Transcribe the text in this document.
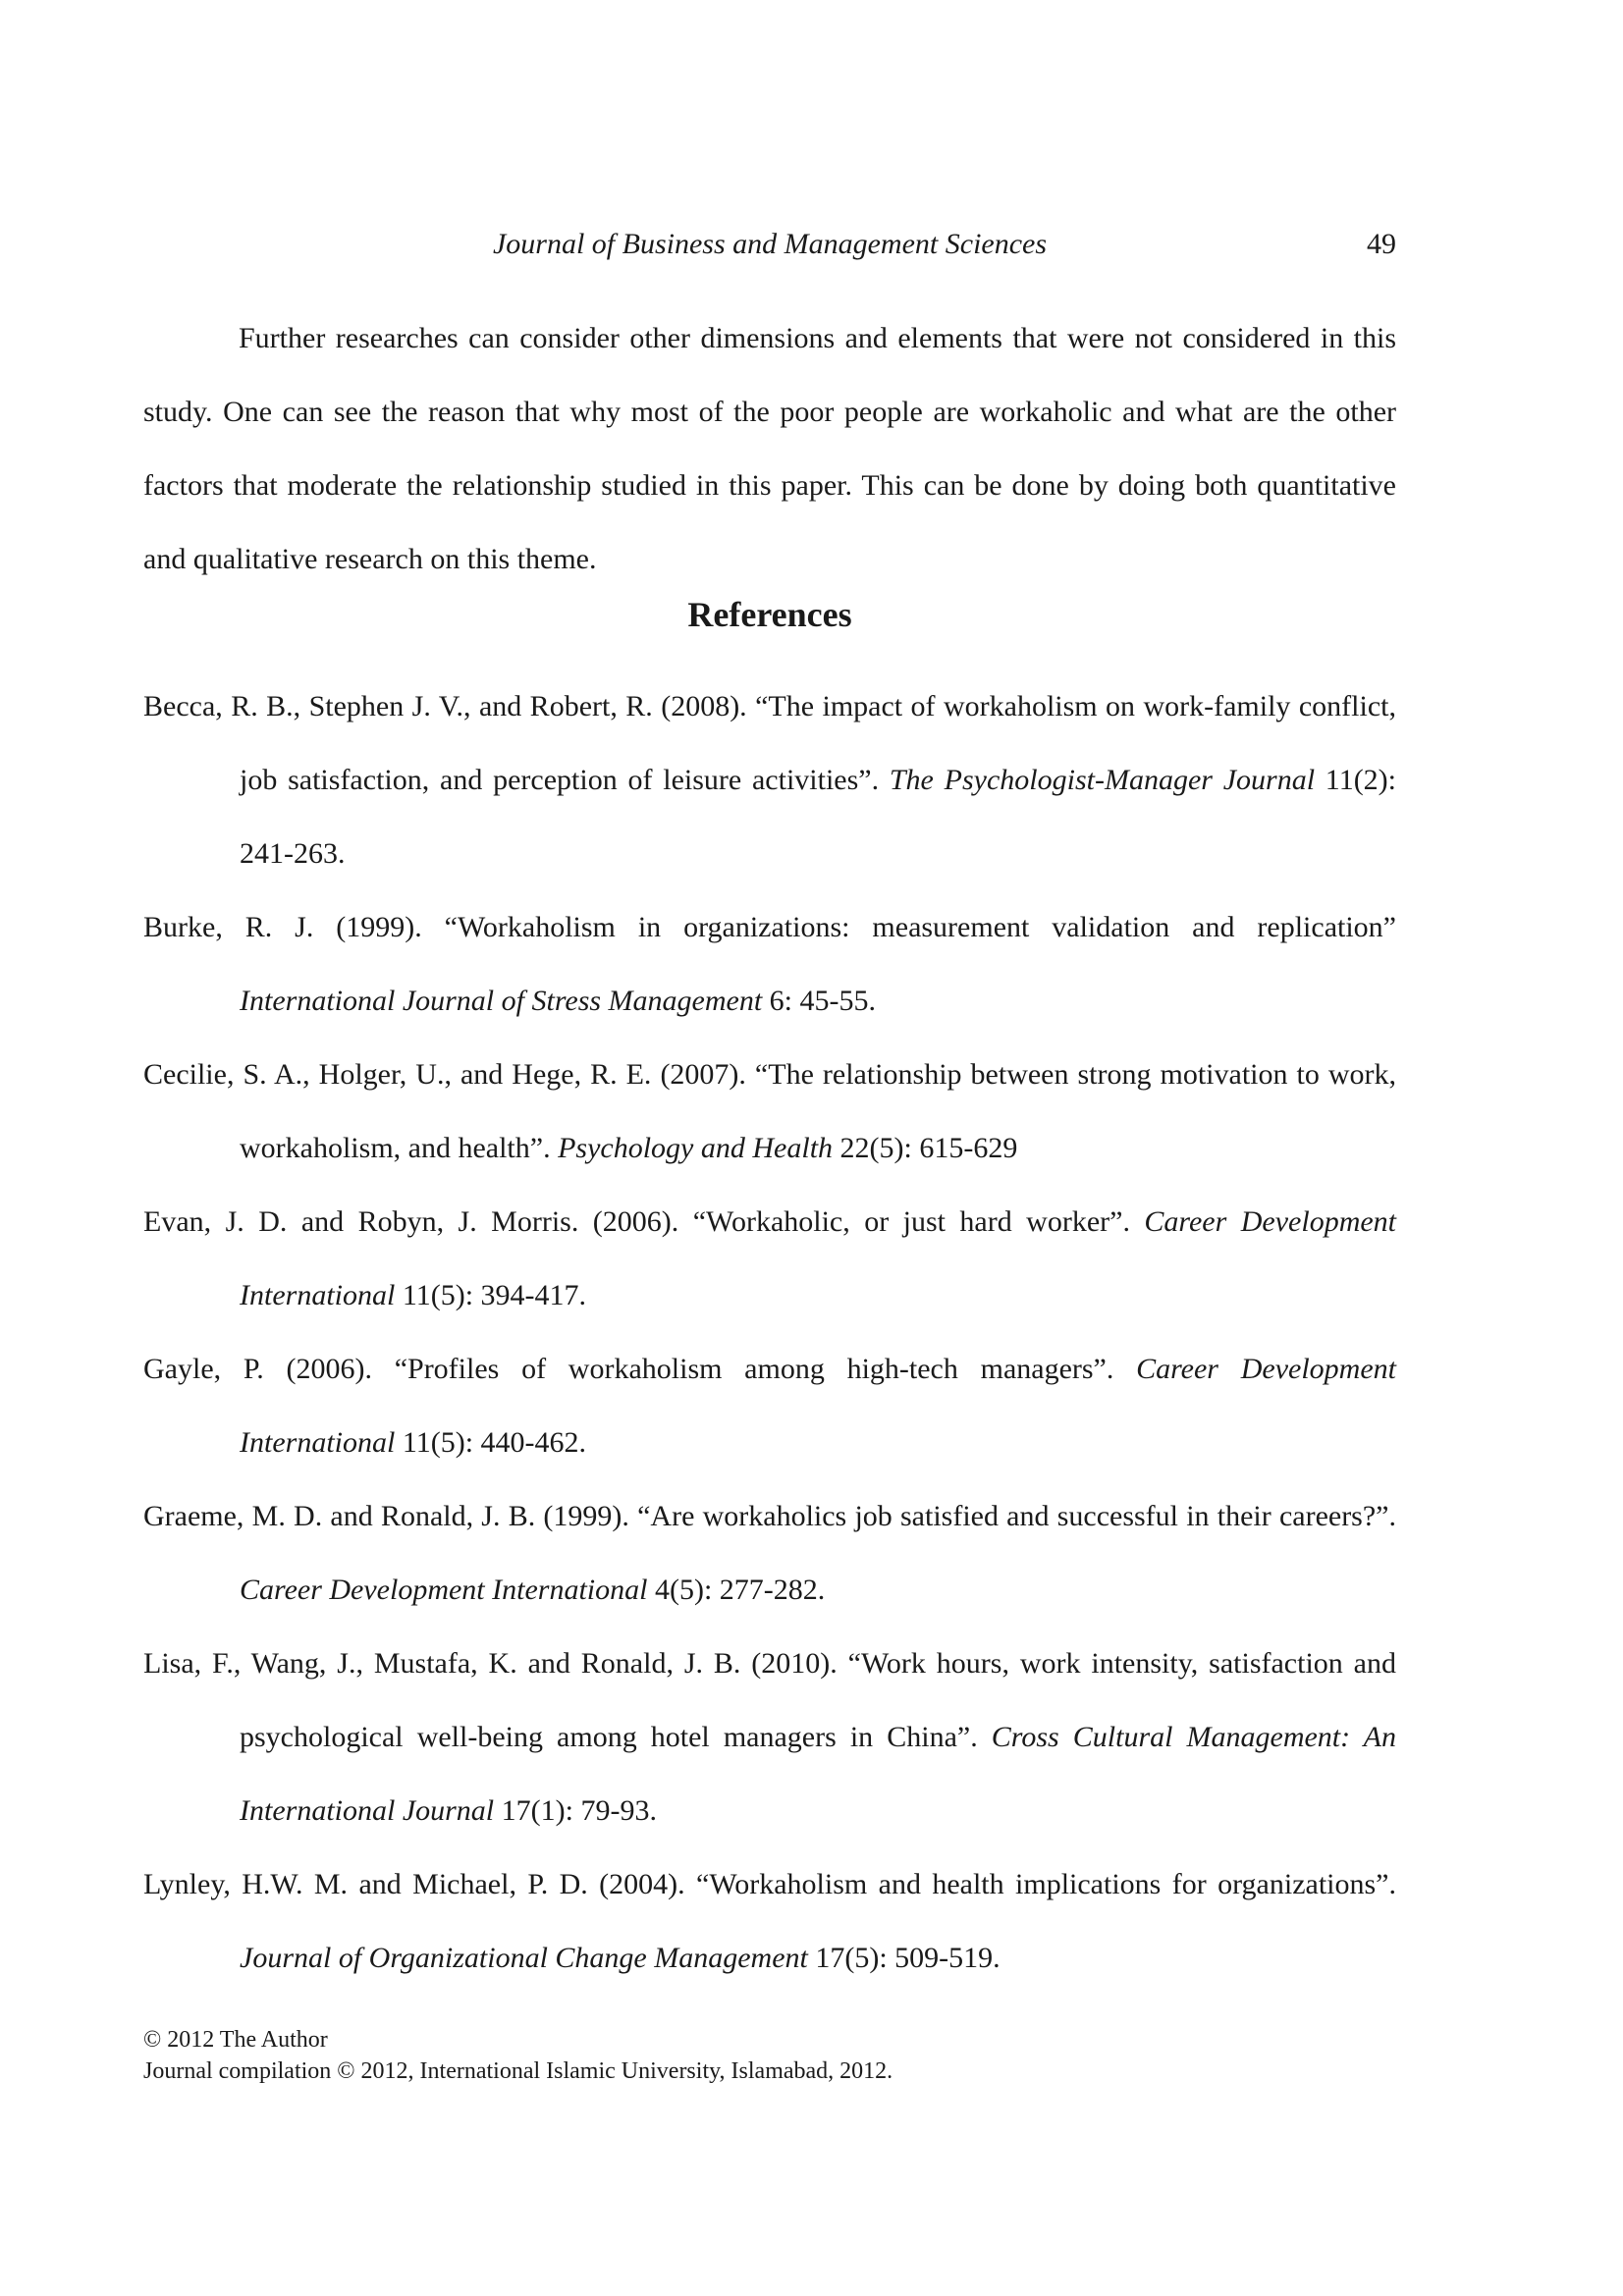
Journal of Business and Management Sciences	49

Further researches can consider other dimensions and elements that were not considered in this study. One can see the reason that why most of the poor people are workaholic and what are the other factors that moderate the relationship studied in this paper. This can be done by doing both quantitative and qualitative research on this theme.

References
Becca, R. B., Stephen J. V., and Robert, R. (2008). “The impact of workaholism on work-family conflict, job satisfaction, and perception of leisure activities”. The Psychologist-Manager Journal 11(2): 241-263.
Burke, R. J. (1999). “Workaholism in organizations: measurement validation and replication” International Journal of Stress Management 6: 45-55.
Cecilie, S. A., Holger, U., and Hege, R. E. (2007). “The relationship between strong motivation to work, workaholism, and health”. Psychology and Health 22(5): 615-629
Evan, J. D. and Robyn, J. Morris. (2006). “Workaholic, or just hard worker”. Career Development International 11(5): 394-417.
Gayle, P. (2006). “Profiles of workaholism among high-tech managers”. Career Development International 11(5): 440-462.
Graeme, M. D. and Ronald, J. B. (1999). “Are workaholics job satisfied and successful in their careers?”. Career Development International 4(5): 277-282.
Lisa, F., Wang, J., Mustafa, K. and Ronald, J. B. (2010). “Work hours, work intensity, satisfaction and psychological well-being among hotel managers in China”. Cross Cultural Management: An International Journal 17(1): 79-93.
Lynley, H.W. M. and Michael, P. D. (2004). “Workaholism and health implications for organizations”. Journal of Organizational Change Management 17(5): 509-519.
© 2012 The Author
Journal compilation © 2012, International Islamic University, Islamabad, 2012.
